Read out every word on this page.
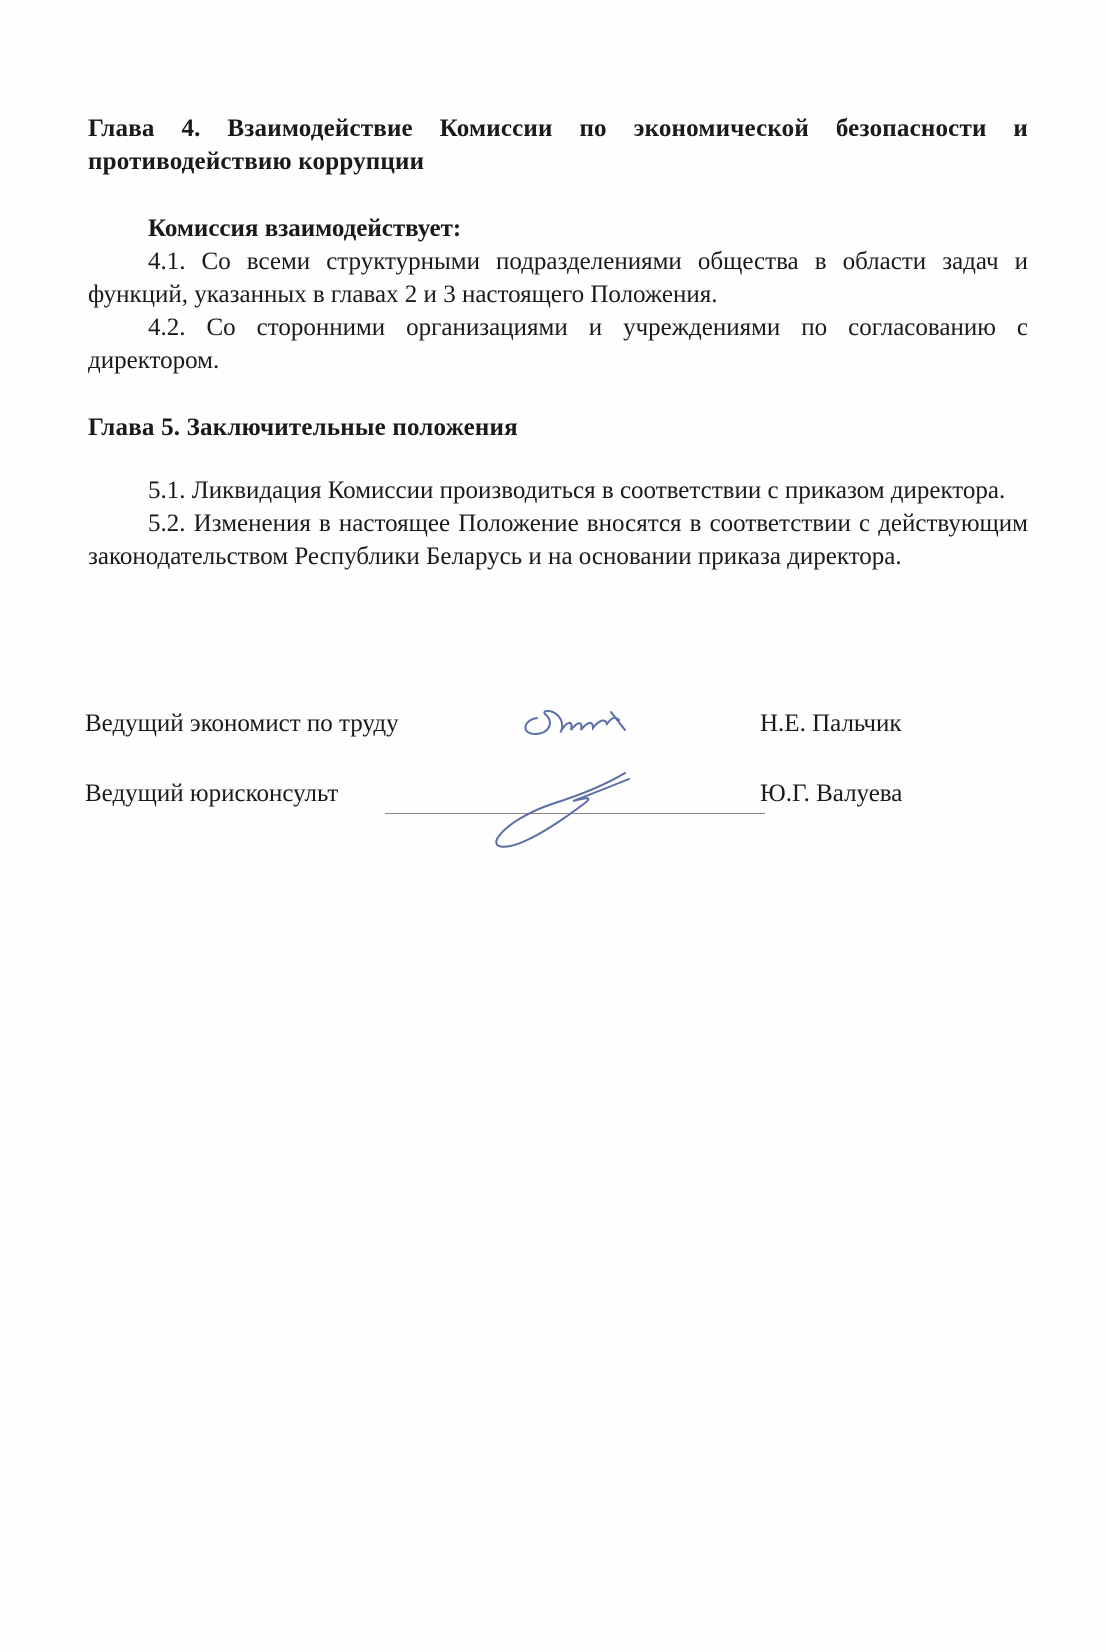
Глава 4. Взаимодействие Комиссии по экономической безопасности и противодействию коррупции

Комиссия взаимодействует:

4.1. Со всеми структурными подразделениями общества в области задач и функций, указанных в главах 2 и 3 настоящего Положения.

4.2. Со сторонними организациями и учреждениями по согласованию с директором.

Глава 5. Заключительные положения

5.1. Ликвидация Комиссии производиться в соответствии с приказом директора.

5.2. Изменения в настоящее Положение вносятся в соответствии с действующим законодательством Республики Беларусь и на основании приказа директора.

Ведущий экономист по труду	Н.Е. Пальчик
Ведущий юрисконсульт	Ю.Г. Валуева
